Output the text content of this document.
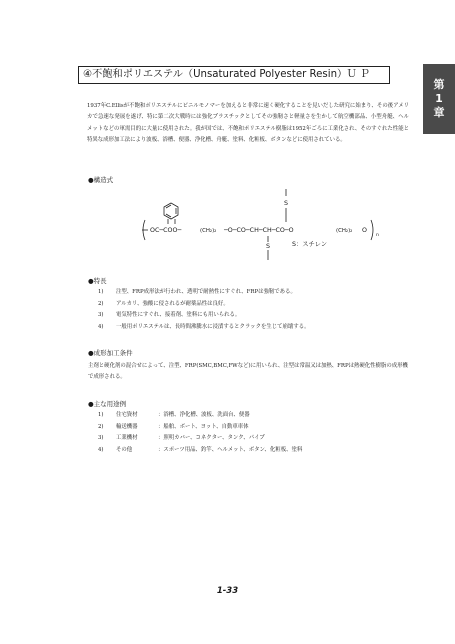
④不飽和ポリエステル（Unsaturated Polyester Resin） ＵＰ
第
1
章
1937年C.Ellisが不飽和ポリエステルにビニルモノマーを加えると非常に速く硬化することを見いだした研究に始まり、その後アメリカで急速な発展を遂げ、特に第二次大戦時には強化プラスチックとしてその強靭さと軽量さを生かして航空機部品、小型舟艇、ヘルメットなどの軍需目的に大量に使用された。我が国では、不飽和ポリエステル樹脂は1952年ごろに工業化され、そのすぐれた性能と特異な成形加工法により波板、浴槽、便器、浄化槽、舟艇、塗料、化粧板、ボタンなどに使用されている。
●構造式
S
S
OC─COO─	(CH₂)₂ ─O─CO─CH─CH─CO─O	(CH₂)₂ O
n
S：スチレン
●特長
1)	注型、FRP成形法が行われ、透明で耐熱性にすぐれ、FRPは強靭である。
2)	アルカリ、強酸に侵されるが耐薬品性は良好。
3)	電気特性にすぐれ、接着剤、塗料にも用いられる。
4)	一般用ポリエステルは、長時間沸騰水に浸漬するとクラックを生じて崩壊する。
●成形加工条件
主剤と硬化剤の混合せによって、注型、FRP(SMC,BMC,FWなど)に用いられ、注型は常温又は加熱、FRPは熱硬化性樹脂の成形機で成形される。
●主な用途例
1)	住宅資材	：浴槽、浄化槽、波板、洗面台、便器
2)	輸送機器	：船舶、ボート、ヨット、自動車車体
3)	工業機材	：照明カバー、コネクター、タンク、パイプ
4)	その他	：スポーツ用品、釣竿、ヘルメット、ボタン、化粧板、塗料
1-33
